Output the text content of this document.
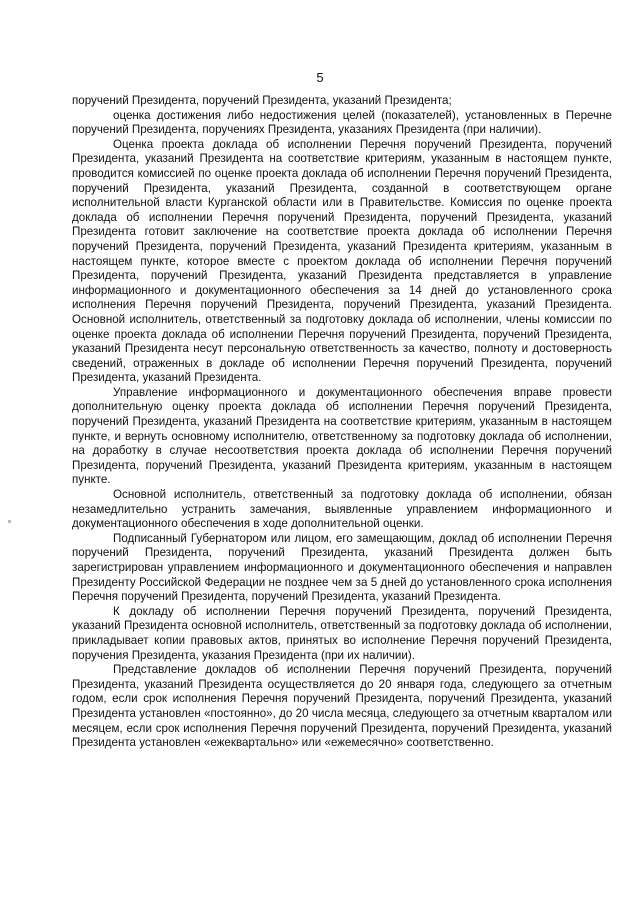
5

поручений Президента, поручений Президента, указаний Президента;

оценка достижения либо недостижения целей (показателей), установленных в Перечне поручений Президента, поручениях Президента, указаниях Президента (при наличии).

Оценка проекта доклада об исполнении Перечня поручений Президента, поручений Президента, указаний Президента на соответствие критериям, указанным в настоящем пункте, проводится комиссией по оценке проекта доклада об исполнении Перечня поручений Президента, поручений Президента, указаний Президента, созданной в соответствующем органе исполнительной власти Курганской области или в Правительстве. Комиссия по оценке проекта доклада об исполнении Перечня поручений Президента, поручений Президента, указаний Президента готовит заключение на соответствие проекта доклада об исполнении Перечня поручений Президента, поручений Президента, указаний Президента критериям, указанным в настоящем пункте, которое вместе с проектом доклада об исполнении Перечня поручений Президента, поручений Президента, указаний Президента представляется в управление информационного и документационного обеспечения за 14 дней до установленного срока исполнения Перечня поручений Президента, поручений Президента, указаний Президента. Основной исполнитель, ответственный за подготовку доклада об исполнении, члены комиссии по оценке проекта доклада об исполнении Перечня поручений Президента, поручений Президента, указаний Президента несут персональную ответственность за качество, полноту и достоверность сведений, отраженных в докладе об исполнении Перечня поручений Президента, поручений Президента, указаний Президента.

Управление информационного и документационного обеспечения вправе провести дополнительную оценку проекта доклада об исполнении Перечня поручений Президента, поручений Президента, указаний Президента на соответствие критериям, указанным в настоящем пункте, и вернуть основному исполнителю, ответственному за подготовку доклада об исполнении, на доработку в случае несоответствия проекта доклада об исполнении Перечня поручений Президента, поручений Президента, указаний Президента критериям, указанным в настоящем пункте.

Основной исполнитель, ответственный за подготовку доклада об исполнении, обязан незамедлительно устранить замечания, выявленные управлением информационного и документационного обеспечения в ходе дополнительной оценки.

Подписанный Губернатором или лицом, его замещающим, доклад об исполнении Перечня поручений Президента, поручений Президента, указаний Президента должен быть зарегистрирован управлением информационного и документационного обеспечения и направлен Президенту Российской Федерации не позднее чем за 5 дней до установленного срока исполнения Перечня поручений Президента, поручений Президента, указаний Президента.

К докладу об исполнении Перечня поручений Президента, поручений Президента, указаний Президента основной исполнитель, ответственный за подготовку доклада об исполнении, прикладывает копии правовых актов, принятых во исполнение Перечня поручений Президента, поручения Президента, указания Президента (при их наличии).

Представление докладов об исполнении Перечня поручений Президента, поручений Президента, указаний Президента осуществляется до 20 января года, следующего за отчетным годом, если срок исполнения Перечня поручений Президента, поручений Президента, указаний Президента установлен «постоянно», до 20 числа месяца, следующего за отчетным кварталом или месяцем, если срок исполнения Перечня поручений Президента, поручений Президента, указаний Президента установлен «ежеквартально» или «ежемесячно» соответственно.
